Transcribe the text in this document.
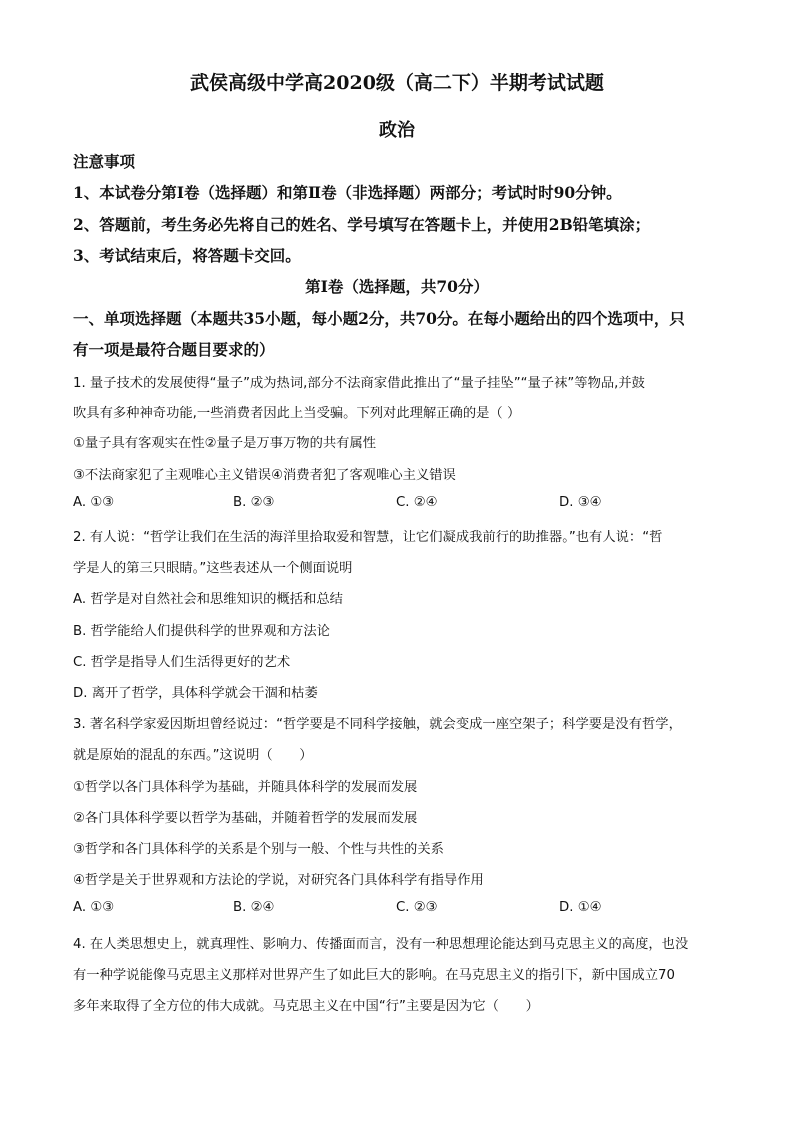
武侯高级中学高2020级（高二下）半期考试试题
政治
注意事项
1、本试卷分第Ⅰ卷（选择题）和第Ⅱ卷（非选择题）两部分；考试时时90分钟。
2、答题前，考生务必先将自己的姓名、学号填写在答题卡上，并使用2B铅笔填涂；
3、考试结束后，将答题卡交回。
第Ⅰ卷（选择题，共70分）
一、单项选择题（本题共35小题，每小题2分，共70分。在每小题给出的四个选项中，只
有一项是最符合题目要求的）
1. 量子技术的发展使得“量子”成为热词,部分不法商家借此推出了“量子挂坠”“量子袜”等物品,并鼓
吹具有多种神奇功能,一些消费者因此上当受骗。下列对此理解正确的是（ ）
①量子具有客观实在性②量子是万事万物的共有属性
③不法商家犯了主观唯心主义错误④消费者犯了客观唯心主义错误
A. ①③	B. ②③	C. ②④	D. ③④
2. 有人说：“哲学让我们在生活的海洋里拾取爱和智慧，让它们凝成我前行的助推器。”也有人说：“哲
学是人的第三只眼睛。”这些表述从一个侧面说明
A. 哲学是对自然社会和思维知识的概括和总结
B. 哲学能给人们提供科学的世界观和方法论
C. 哲学是指导人们生活得更好的艺术
D. 离开了哲学，具体科学就会干涸和枯萎
3. 著名科学家爱因斯坦曾经说过：“哲学要是不同科学接触，就会变成一座空架子；科学要是没有哲学，
就是原始的混乱的东西。”这说明（　　）
①哲学以各门具体科学为基础，并随具体科学的发展而发展
②各门具体科学要以哲学为基础，并随着哲学的发展而发展
③哲学和各门具体科学的关系是个别与一般、个性与共性的关系
④哲学是关于世界观和方法论的学说，对研究各门具体科学有指导作用
A. ①③	B. ②④	C. ②③	D. ①④
4. 在人类思想史上，就真理性、影响力、传播面而言，没有一种思想理论能达到马克思主义的高度，也没
有一种学说能像马克思主义那样对世界产生了如此巨大的影响。在马克思主义的指引下，新中国成立70
多年来取得了全方位的伟大成就。马克思主义在中国“行”主要是因为它（　　）
